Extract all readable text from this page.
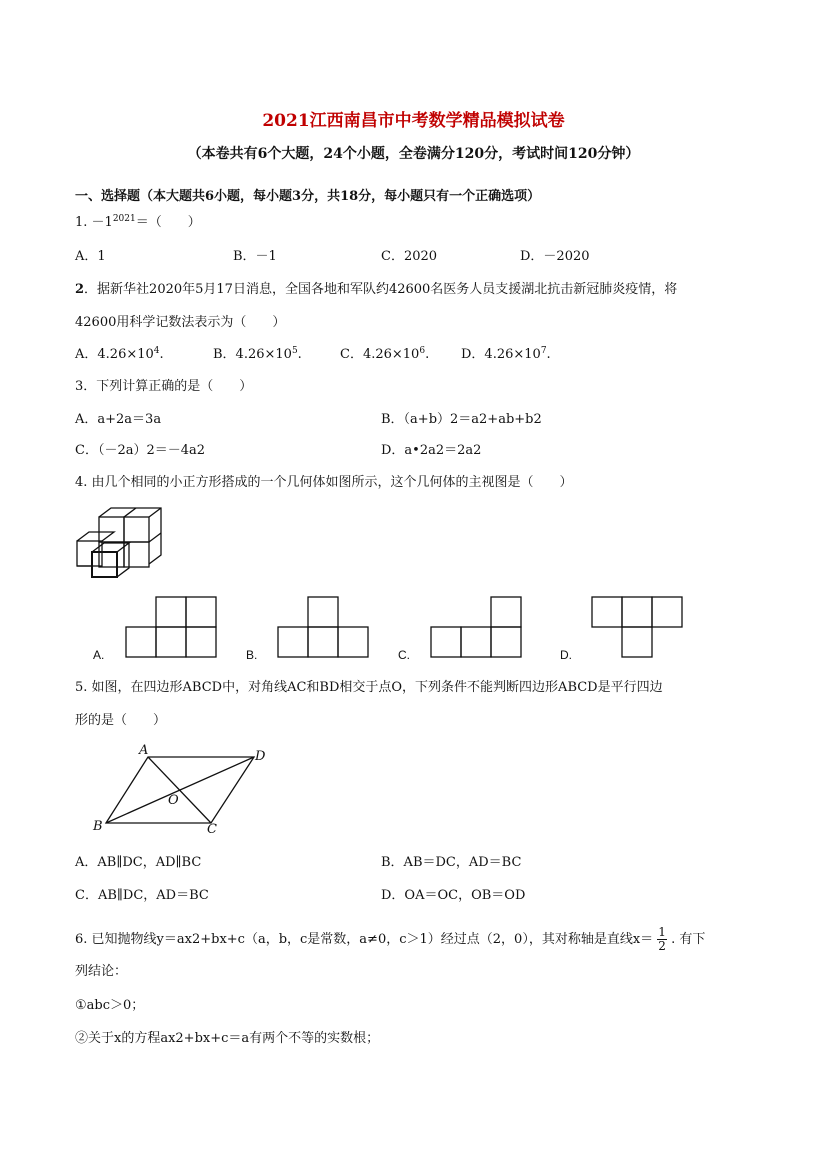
2021江西南昌市中考数学精品模拟试卷
（本卷共有6个大题，24个小题，全卷满分120分，考试时间120分钟）
一、选择题（本大题共6小题，每小题3分，共18分，每小题只有一个正确选项）
1. $-1^{2021}=$（　　）
A．1	B．－1	C．2020	D．－2020
2．据新华社2020年5月17日消息，全国各地和军队约42600名医务人员支援湖北抗击新冠肺炎疫情，将
42600用科学记数法表示为（　　）
A．$4.26\times 10^4$.	B．$4.26\times 10^5$.	C．$4.26\times 10^6$. D．$4.26\times 10^7$.
3．下列计算正确的是（　　）
A．a+2a＝3a	B．（a+b）2＝a2+ab+b2
C．（－2a）2＝－4a2	D．a•2a2＝2a2
4. 由几个相同的小正方形搭成的一个几何体如图所示，这个几何体的主视图是（　　）
A.	B.	C.	D.
5. 如图，在四边形ABCD中，对角线AC和BD相交于点O，下列条件不能判断四边形ABCD是平行四边
形的是（　　）
A
B	C
D
O
A．AB∥DC，AD∥BC	B．AB＝DC，AD＝BC
C．AB∥DC，AD＝BC	D．OA＝OC，OB＝OD
6. 已知抛物线y＝ax2+bx+c（a，b，c是常数，a≠0，c＞1）经过点（2，0），其对称轴是直线$x= \frac{1}{2}$ . 有下
列结论：
①abc＞0；
②关于x的方程ax2+bx+c＝a有两个不等的实数根；
